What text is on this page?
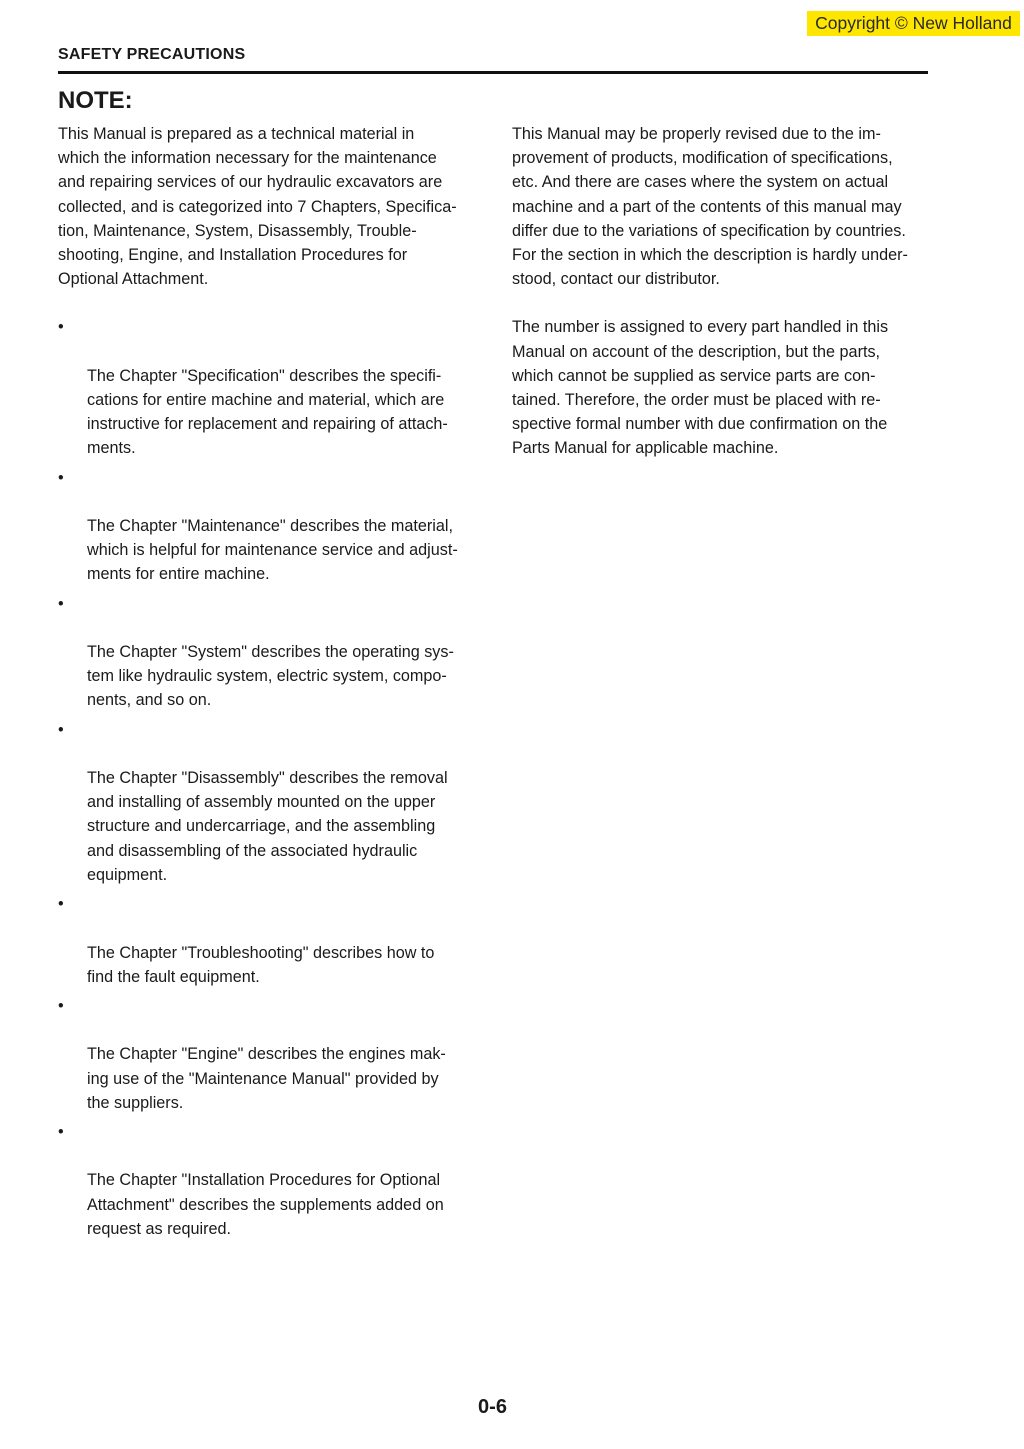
Copyright © New Holland
SAFETY PRECAUTIONS
NOTE:

This Manual is prepared as a technical material in
which the information necessary for the maintenance
and repairing services of our hydraulic excavators are
collected, and is categorized into 7 Chapters, Specifica-
tion, Maintenance, System, Disassembly, Trouble-
shooting, Engine, and Installation Procedures for
Optional Attachment.

•

The Chapter "Specification" describes the specifi-
cations for entire machine and material, which are
instructive for replacement and repairing of attach-
ments.

•

The Chapter "Maintenance" describes the material,
which is helpful for maintenance service and adjust-
ments for entire machine.

•

The Chapter "System" describes the operating sys-
tem like hydraulic system, electric system, compo-
nents, and so on.

•

The Chapter "Disassembly" describes the removal
and installing of assembly mounted on the upper
structure and undercarriage, and the assembling
and disassembling of the associated hydraulic
equipment.

•

The Chapter "Troubleshooting" describes how to
find the fault equipment.

•

The Chapter "Engine" describes the engines mak-
ing use of the "Maintenance Manual" provided by
the suppliers.

•

The Chapter "Installation Procedures for Optional
Attachment" describes the supplements added on
request as required.

This Manual may be properly revised due to the im-
provement of products, modification of specifications,
etc. And there are cases where the system on actual
machine and a part of the contents of this manual may
differ due to the variations of specification by countries.
For the section in which the description is hardly under-
stood, contact our distributor.

The number is assigned to every part handled in this
Manual on account of the description, but the parts,
which cannot be supplied as service parts are con-
tained. Therefore, the order must be placed with re-
spective formal number with due confirmation on the
Parts Manual for applicable machine.

0-6
